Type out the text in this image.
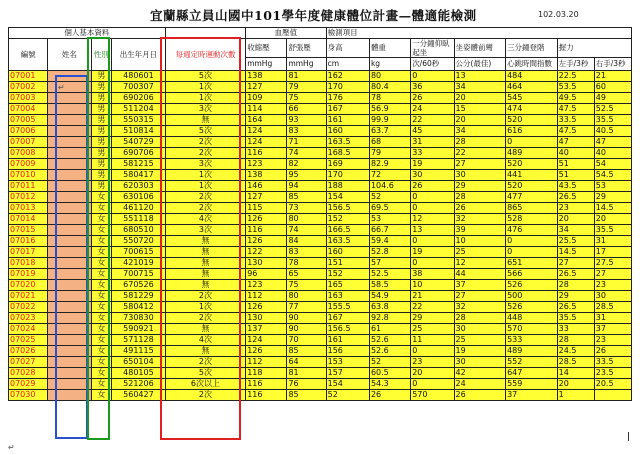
宜蘭縣立員山國中101學年度健康體位計畫—體適能檢測	102.03.20
個人基本資料					血壓值		檢測項目						
編號	姓名	性別	出生年月日	每週定時運動次數	收縮壓	舒張壓	身高	體重	一分鐘仰臥起坐	坐姿體前彎	三分鐘登階	握力	
					mmHg	mmHg	cm	kg	次/60秒	公分(最佳)	心跳時間指數	左手/3秒	右手/3秒
07001		男	480601	5次	138	81	162	80	0	13	484	22.5	21
07002		男	700307	1次	127	79	170	80.4	36	34	464	53.5	60
07003		男	690206	1次	109	75	176	78	26	20	545	49.5	49
07004		男	511204	3次	114	66	167	56.9	24	15	474	47.5	52.5
07005		男	550315	無	164	93	161	99.9	22	20	520	33.5	35.5
07006		男	510814	5次	124	83	160	63.7	45	34	616	47.5	40.5
07007		男	540729	2次	124	71	163.5	68	31	28	0	47	47
07008		男	690706	2次	116	74	168.5	79	33	22	489	40	40
07009		男	581215	3次	123	82	169	82.9	19	27	520	51	54
07010		男	580417	1次	138	95	170	72	30	30	441	51	54.5
07011		男	620303	1次	146	94	188	104.6	26	29	520	43.5	53
07012		女	630106	2次	127	85	154	52	0	28	477	26.5	29
07013		女	461120	2次	115	73	156.5	69.5	0	26	865	23	14.5
07014		女	551118	4次	126	80	152	53	12	32	528	20	20
07015		女	680510	3次	116	74	166.5	66.7	13	39	476	34	35.5
07016		女	550720	無	126	84	163.5	59.4	0	10	0	25.5	31
07017		女	700615	無	122	83	160	52.8	19	25	0	14.5	17
07018		女	421019	無	130	78	151	57	0	12	651	27	27.5
07019		女	700715	無	96	65	152	52.5	38	44	566	26.5	27
07020		女	670526	無	123	75	165	58.5	10	37	526	28	23
07021		女	581229	2次	112	80	163	54.9	21	27	500	29	30
07022		女	580412	1次	126	77	155.5	63.8	22	32	526	26.5	28.5
07023		女	730830	2次	130	90	167	92.8	29	28	448	35.5	31
07024		女	590921	無	137	90	156.5	61	25	30	570	33	37
07025		女	571128	4次	124	70	161	52.6	11	25	533	28	23
07026		女	491115	無	126	85	156	52.6	0	19	489	24.5	26
07027		女	650104	2次	112	64	153	52	23	30	552	28.5	33.5
07028		女	480105	5次	118	81	157	60.5	20	42	647	14	23.5
07029		女	521206	6次以上	116	76	154	54.3	0	24	559	20	20.5
07030		女	560427	2次	116	85	52	26	570	26	37	1	
↵
↵
